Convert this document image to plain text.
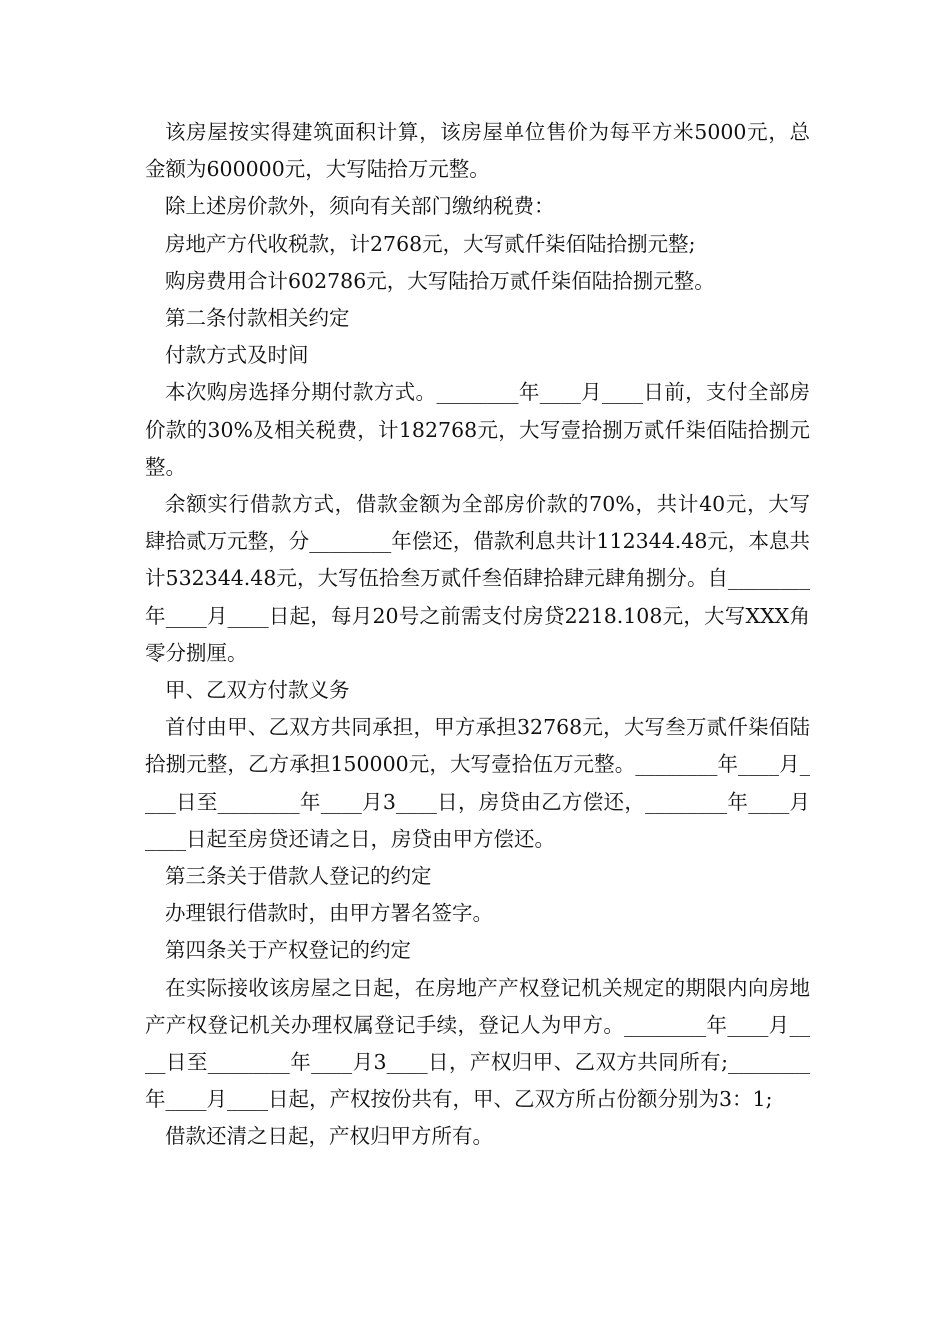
该房屋按实得建筑面积计算，该房屋单位售价为每平方米5000元，总金额为600000元，大写陆拾万元整。

除上述房价款外，须向有关部门缴纳税费：

房地产方代收税款，计2768元，大写贰仟柒佰陆拾捌元整;

购房费用合计602786元，大写陆拾万贰仟柒佰陆拾捌元整。

第二条付款相关约定

付款方式及时间

本次购房选择分期付款方式。________年____月____日前，支付全部房价款的30%及相关税费，计182768元，大写壹拾捌万贰仟柒佰陆拾捌元整。

余额实行借款方式，借款金额为全部房价款的70%，共计40元，大写肆拾贰万元整，分________年偿还，借款利息共计112344.48元，本息共计532344.48元，大写伍拾叁万贰仟叁佰肆拾肆元肆角捌分。自________年____月____日起，每月20号之前需支付房贷2218.108元，大写XXX角零分捌厘。

甲、乙双方付款义务

首付由甲、乙双方共同承担，甲方承担32768元，大写叁万贰仟柒佰陆拾捌元整，乙方承担150000元，大写壹拾伍万元整。________年____月____日至________年____月3____日，房贷由乙方偿还，________年____月____日起至房贷还请之日，房贷由甲方偿还。

第三条关于借款人登记的约定

办理银行借款时，由甲方署名签字。

第四条关于产权登记的约定

在实际接收该房屋之日起，在房地产产权登记机关规定的期限内向房地产产权登记机关办理权属登记手续，登记人为甲方。________年____月____日至________年____月3____日，产权归甲、乙双方共同所有;________年____月____日起，产权按份共有，甲、乙双方所占份额分别为3：1;

借款还清之日起，产权归甲方所有。
